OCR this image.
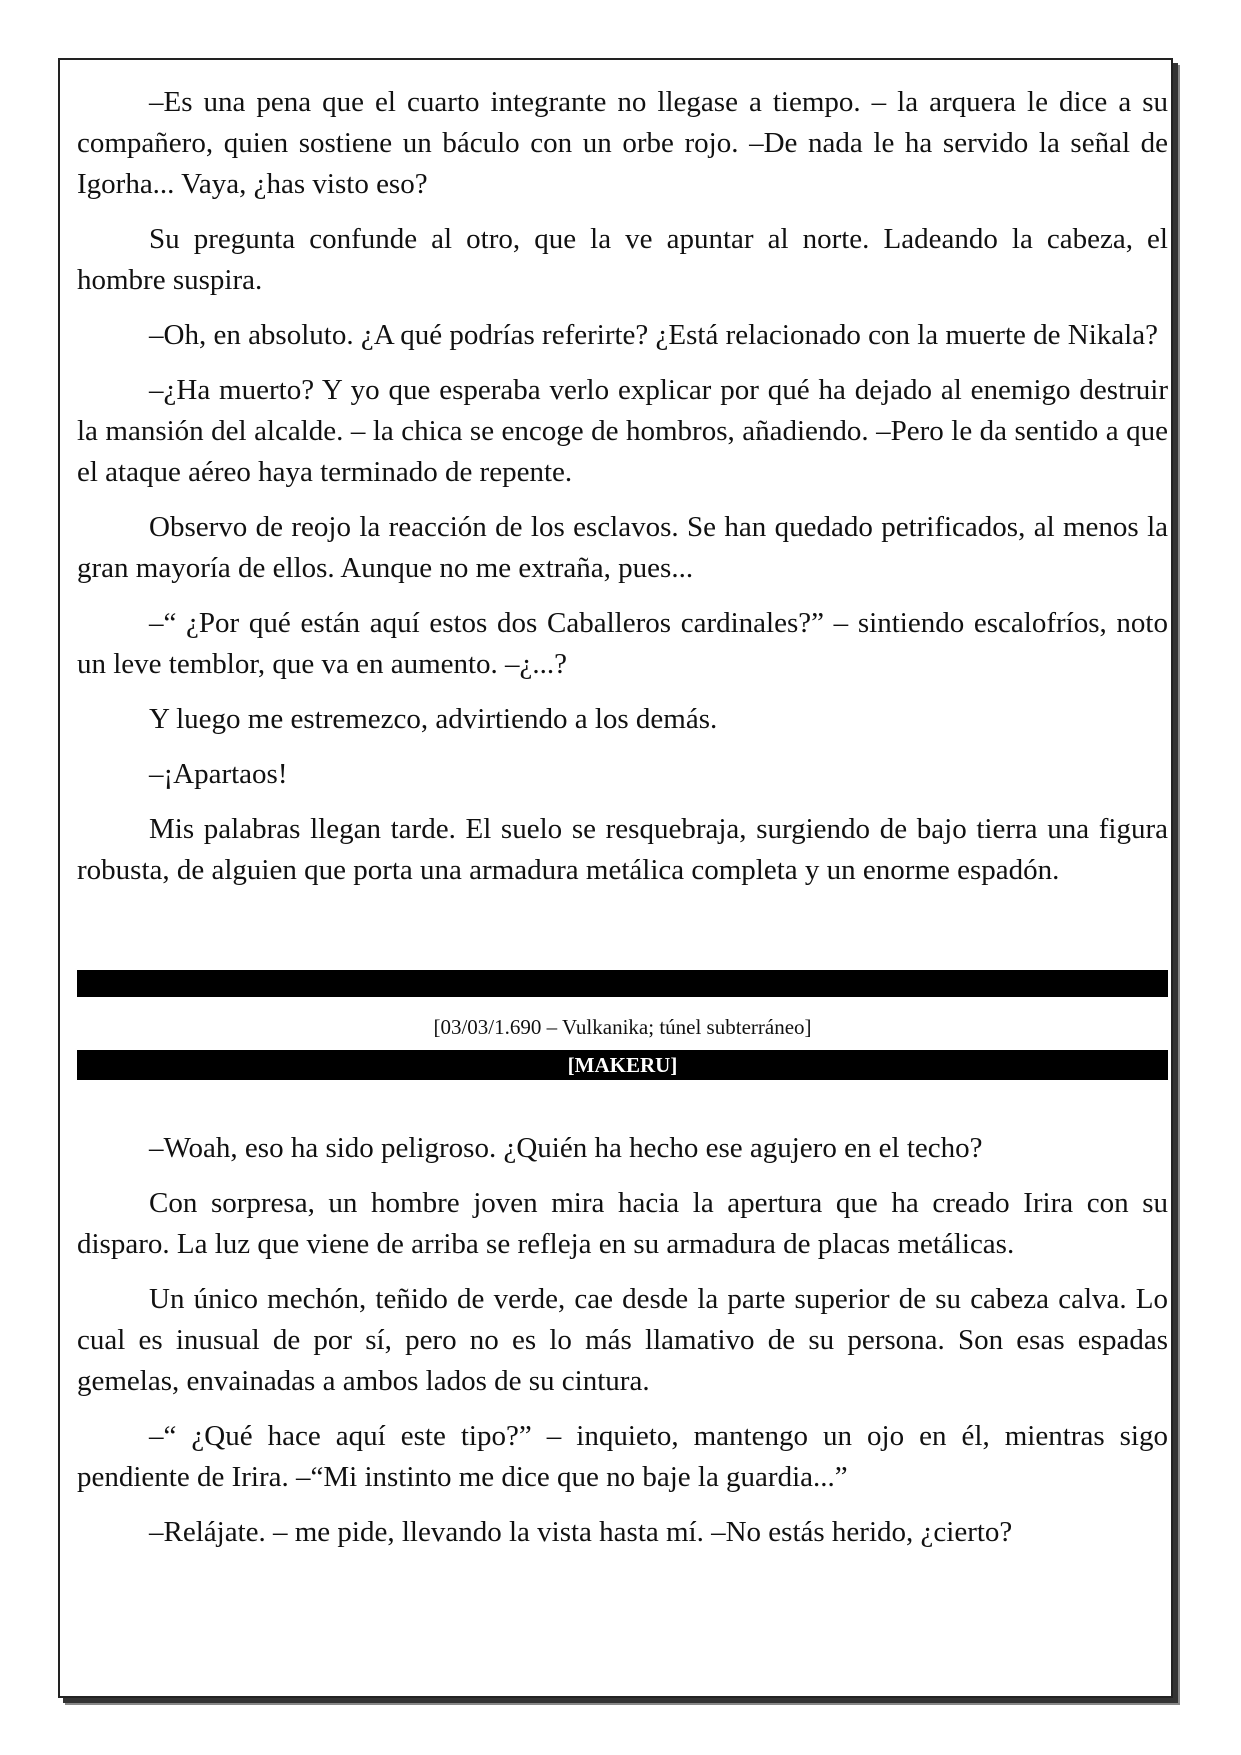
–Es una pena que el cuarto integrante no llegase a tiempo. – la arquera le dice a su compañero, quien sostiene un báculo con un orbe rojo. –De nada le ha servido la señal de Igorha... Vaya, ¿has visto eso?

Su pregunta confunde al otro, que la ve apuntar al norte. Ladeando la cabeza, el hombre suspira.

–Oh, en absoluto. ¿A qué podrías referirte? ¿Está relacionado con la muerte de Nikala?

–¿Ha muerto? Y yo que esperaba verlo explicar por qué ha dejado al enemigo destruir la mansión del alcalde. – la chica se encoge de hombros, añadiendo. –Pero le da sentido a que el ataque aéreo haya terminado de repente.

Observo de reojo la reacción de los esclavos. Se han quedado petrificados, al menos la gran mayoría de ellos. Aunque no me extraña, pues...

–“ ¿Por qué están aquí estos dos Caballeros cardinales?” – sintiendo escalofríos, noto un leve temblor, que va en aumento. –¿...?

Y luego me estremezco, advirtiendo a los demás.

–¡Apartaos!

Mis palabras llegan tarde. El suelo se resquebraja, surgiendo de bajo tierra una figura robusta, de alguien que porta una armadura metálica completa y un enorme espadón.

[03/03/1.690 – Vulkanika; túnel subterráneo]
[MAKERU]

–Woah, eso ha sido peligroso. ¿Quién ha hecho ese agujero en el techo?

Con sorpresa, un hombre joven mira hacia la apertura que ha creado Irira con su disparo. La luz que viene de arriba se refleja en su armadura de placas metálicas.

Un único mechón, teñido de verde, cae desde la parte superior de su cabeza calva. Lo cual es inusual de por sí, pero no es lo más llamativo de su persona. Son esas espadas gemelas, envainadas a ambos lados de su cintura.

–“ ¿Qué hace aquí este tipo?” – inquieto, mantengo un ojo en él, mientras sigo pendiente de Irira. –“Mi instinto me dice que no baje la guardia...”

–Relájate. – me pide, llevando la vista hasta mí. –No estás herido, ¿cierto?
